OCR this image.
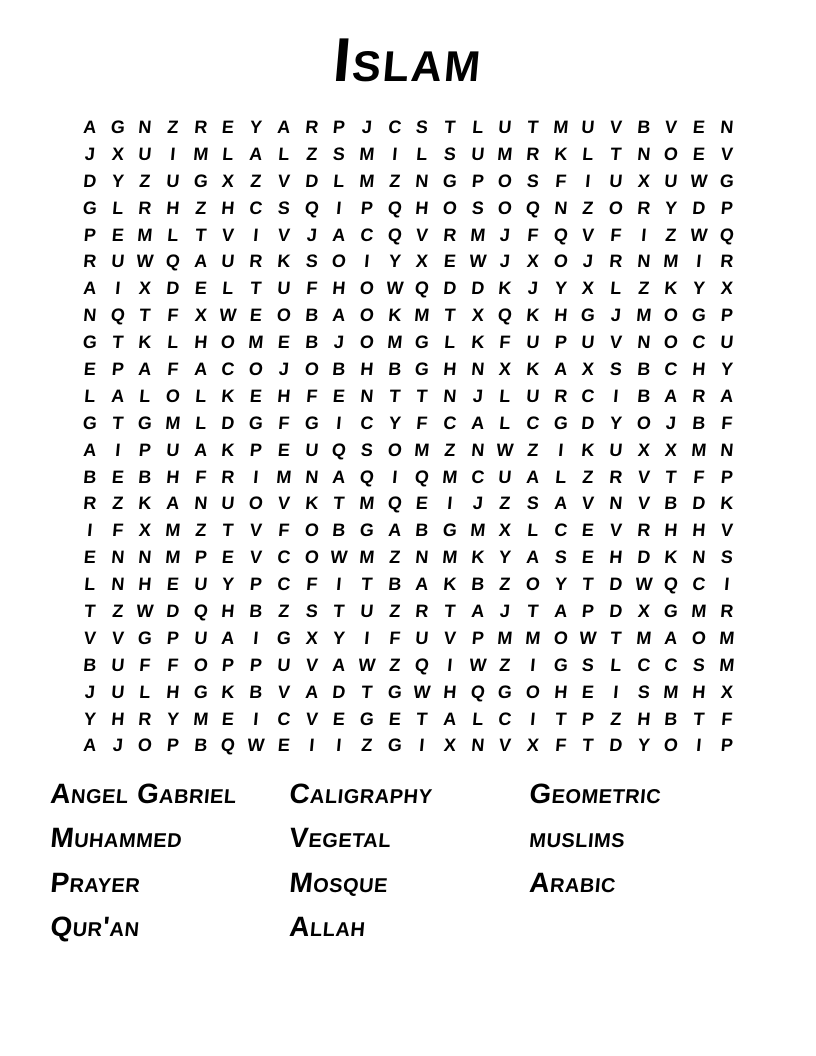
Islam
A G N Z R E Y A R P J C S T L U T M U V B V E N
J X U I M L A L Z S M I L S U M R K L T N O E V
D Y Z U G X Z V D L M Z N G P O S F I U X U W G
G L R H Z H C S Q I P Q H O S O Q N Z O R Y D P
P E M L T V I V J A C Q V R M J F Q V F I Z W Q
R U W Q A U R K S O I Y X E W J X O J R N M I R
A I X D E L T U F H O W Q D D K J Y X L Z K Y X
N Q T F X W E O B A O K M T X Q K H G J M O G P
G T K L H O M E B J O M G L K F U P U V N O C U
E P A F A C O J O B H B G H N X K A X S B C H Y
L A L O L K E H F E N T T N J L U R C I B A R A
G T G M L D G F G I C Y F C A L C G D Y O J B F
A I P U A K P E U Q S O M Z N W Z I K U X X M N
B E B H F R I M N A Q I Q M C U A L Z R V T F P
R Z K A N U O V K T M Q E I	J Z S A V N V B D K
I F X M Z T V F O B G A B G M X L C E V R H H V
E N N M P E V C O W M Z N M K Y A S E H D K N S
L N H E U Y P C F I T B A K B Z O Y T D W Q C I
T Z W D Q H B Z S T U Z R T A J T A P D X G M R
V V G P U A I G X Y I F U V P M M O W T M A O M
B U F F O P P U V A W Z Q I W Z I G S L C C S M
J U L H G K B V A D T G W H Q G O H E I S M H X
Y H R Y M E I C V E G E T A L C I T P Z H B T F
A J O P B Q W E I	I Z G I X N V X F T D Y O I P
Angel Gabriel
Muhammed
Prayer
Qur'an
Caligraphy
Vegetal
Mosque
Allah
Geometric
muslims
Arabic
